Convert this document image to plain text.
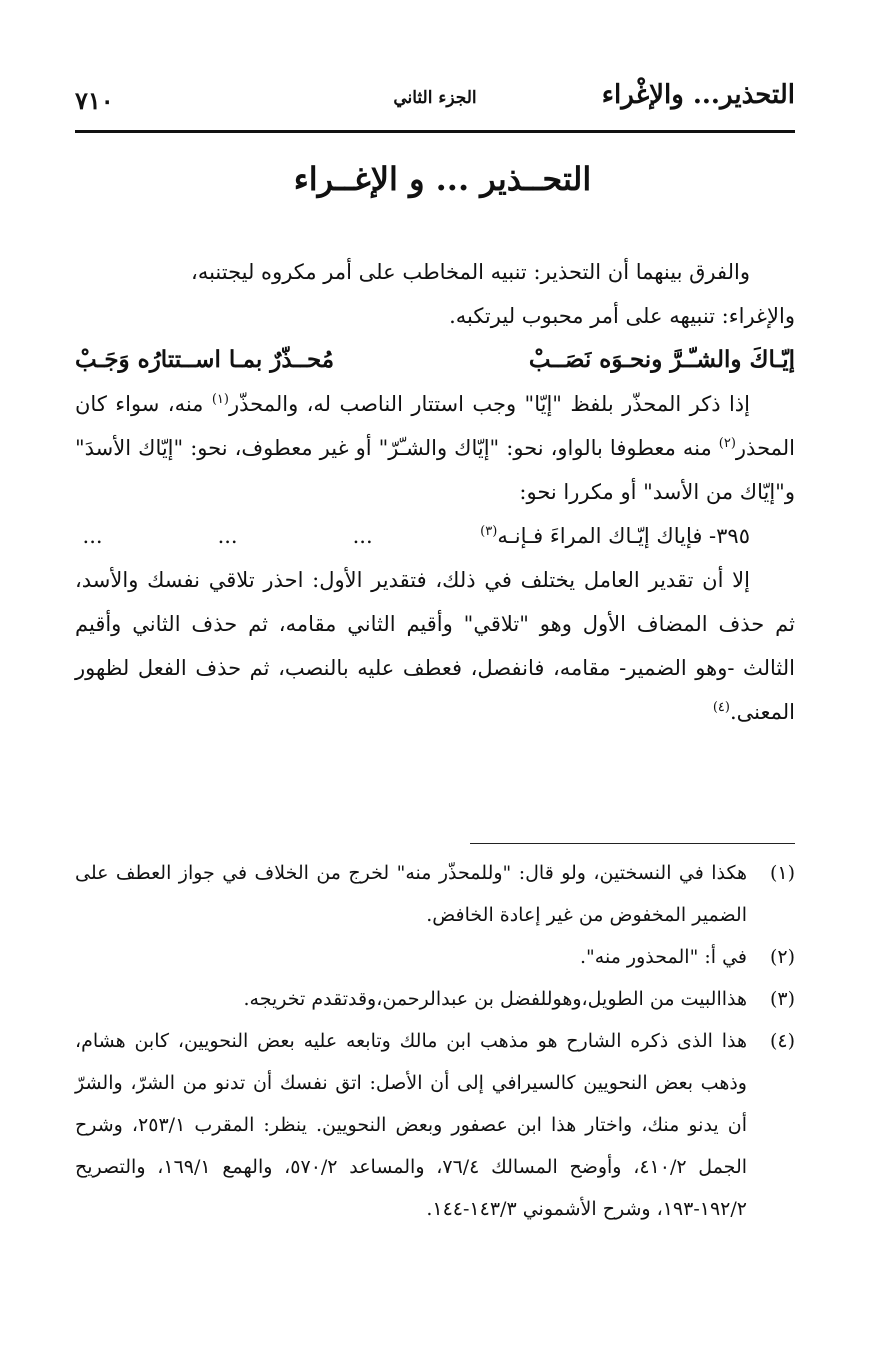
التحذير... والإغْراء
الجزء الثاني
٧١٠
التحــذير ... و الإغــراء

والفرق بينهما أن التحذير: تنبيه المخاطب على أمر مكروه ليجتنبه،

والإغراء: تنبيهه على أمر محبوب ليرتكبه.

إيّـاكَ والشـّـرَّ ونحـوَه نَصَــبْ
مُحــذّرٌ بمـا اســتتارُه وَجَـبْ

إذا ذكر المحذّر بلفظ "إيّا" وجب استتار الناصب له، والمحذّر$^{(١)}$ منه، سواء كان المحذر$^{(٢)}$ منه معطوفا بالواو، نحو: "إيّاك والشـّرّ" أو غير معطوف، نحو: "إيّاك الأسدَ" و"إيّاك من الأسد" أو مكررا نحو:

٣٩٥- فإياك إيّـاك المراءَ فـإنـه$^{(٣)}$
...
...
...

إلا أن تقدير العامل يختلف في ذلك، فتقدير الأول: احذر تلاقي نفسك والأسد، ثم حذف المضاف الأول وهو "تلاقي" وأقيم الثاني مقامه، ثم حذف الثاني وأقيم الثالث -وهو الضمير- مقامه، فانفصل، فعطف عليه بالنصب، ثم حذف الفعل لظهور المعنى.$^{(٤)}$

(١)

هكذا في النسختين، ولو قال: "وللمحذّر منه" لخرج من الخلاف في جواز العطف على الضمير المخفوض من غير إعادة الخافض.

(٢)

في أ: "المحذور منه".

(٣)

هذاالبيت من الطويل،وهوللفضل بن عبدالرحمن،وقدتقدم تخريجه.

(٤)

هذا الذى ذكره الشارح هو مذهب ابن مالك وتابعه عليه بعض النحويين، كابن هشام، وذهب بعض النحويين كالسيرافي إلى أن الأصل: اتق نفسك أن تدنو من الشرّ، والشرّ أن يدنو منك، واختار هذا ابن عصفور وبعض النحويين. ينظر: المقرب ٢٥٣/١، وشرح الجمل ٤١٠/٢، وأوضح المسالك ٧٦/٤، والمساعد ٥٧٠/٢، والهمع ١٦٩/١، والتصريح ١٩٢/٢-١٩٣، وشرح الأشموني ١٤٣/٣-١٤٤.
